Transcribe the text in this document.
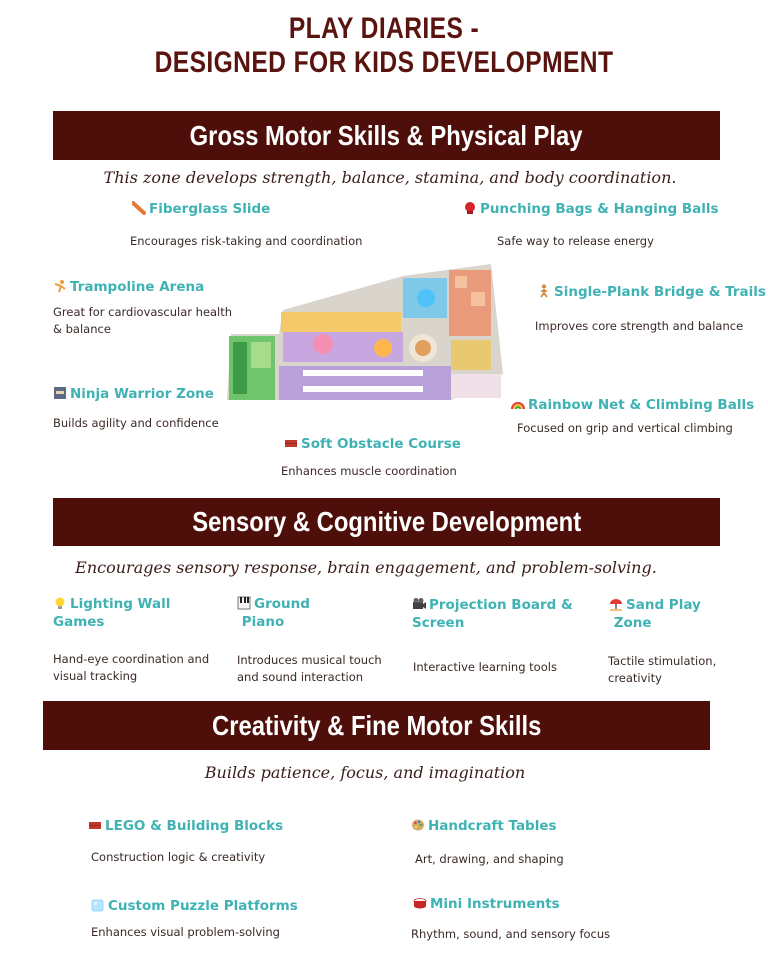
PLAY DIARIES -
DESIGNED FOR KIDS DEVELOPMENT
Gross Motor Skills & Physical Play
This zone develops strength, balance, stamina, and body coordination.
Fiberglass Slide
Encourages risk-taking and coordination
Punching Bags & Hanging Balls
Safe way to release energy
Trampoline Arena
Great for cardiovascular health & balance
Single-Plank Bridge & Trails
Improves core strength and balance
Ninja Warrior Zone
Builds agility and confidence
Rainbow Net & Climbing Balls
Focused on grip and vertical climbing
Soft Obstacle Course
Enhances muscle coordination
Sensory & Cognitive Development
Encourages sensory response, brain engagement, and problem-solving.
Lighting Wall
Games
Hand-eye coordination and visual tracking
Ground
Piano
Introduces musical touch and sound interaction
Projection Board &
Screen
Interactive learning tools
Sand Play
Zone
Tactile stimulation, creativity
Creativity & Fine Motor Skills
Builds patience, focus, and imagination
LEGO & Building Blocks
Construction logic & creativity
Handcraft Tables
Art, drawing, and shaping
Custom Puzzle Platforms
Enhances visual problem-solving
Mini Instruments
Rhythm, sound, and sensory focus
